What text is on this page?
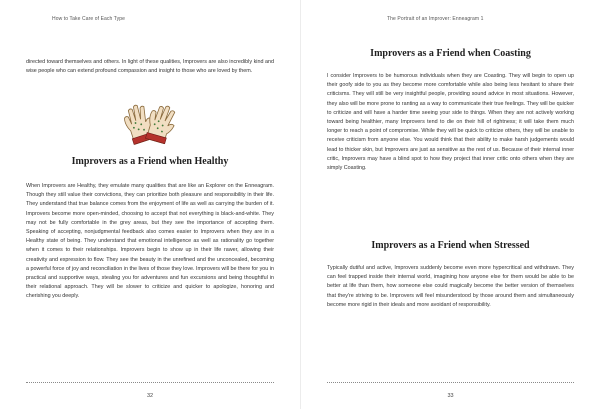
How to Take Care of Each Type

directed toward themselves and others. In light of these qualities, Improvers are also incredibly kind and wise people who can extend profound compassion and insight to those who are loved by them.

Improvers as a Friend when Healthy

When Improvers are Healthy, they emulate many qualities that are like an Explorer on the Enneagram. Though they still value their convictions, they can prioritize both pleasure and responsibility in their life. They understand that true balance comes from the enjoyment of life as well as carrying the burden of it. Improvers become more open-minded, choosing to accept that not everything is black-and-white. They may not be fully comfortable in the grey areas, but they see the importance of accepting them. Speaking of accepting, nonjudgmental feedback also comes easier to Improvers when they are in a Healthy state of being. They understand that emotional intelligence as well as rationality go together when it comes to their relationships. Improvers begin to show up in their life rawer, allowing their creativity and expression to flow. They see the beauty in the unrefined and the unconcealed, becoming a powerful force of joy and reconciliation in the lives of those they love. Improvers will be there for you in practical and supportive ways, stealing you for adventures and fun excursions and being thoughtful in their relational approach. They will be slower to criticize and quicker to apologize, honoring and cherishing you deeply.

32
The Portrait of an Improver: Enneagram 1
Improvers as a Friend when Coasting

I consider Improvers to be humorous individuals when they are Coasting. They will begin to open up their goofy side to you as they become more comfortable while also being less hesitant to share their criticisms. They will still be very insightful people, providing sound advice in most situations. However, they also will be more prone to ranting as a way to communicate their true feelings. They will be quicker to criticize and will have a harder time seeing your side to things. When they are not actively working toward being healthier, many Improvers tend to die on their hill of rightness; it will take them much longer to reach a point of compromise. While they will be quick to criticize others, they will be unable to receive criticism from anyone else. You would think that their ability to make harsh judgements would lead to thicker skin, but Improvers are just as sensitive as the rest of us. Because of their internal inner critic, Improvers may have a blind spot to how they project that inner critic onto others when they are simply Coasting.

Improvers as a Friend when Stressed

Typically dutiful and active, Improvers suddenly become even more hypercritical and withdrawn. They can feel trapped inside their internal world, imagining how anyone else for them would be able to be better at life than them, how someone else could magically become the better version of themselves that they're striving to be. Improvers will feel misunderstood by those around them and simultaneously become more rigid in their ideals and more avoidant of responsibility.

33
